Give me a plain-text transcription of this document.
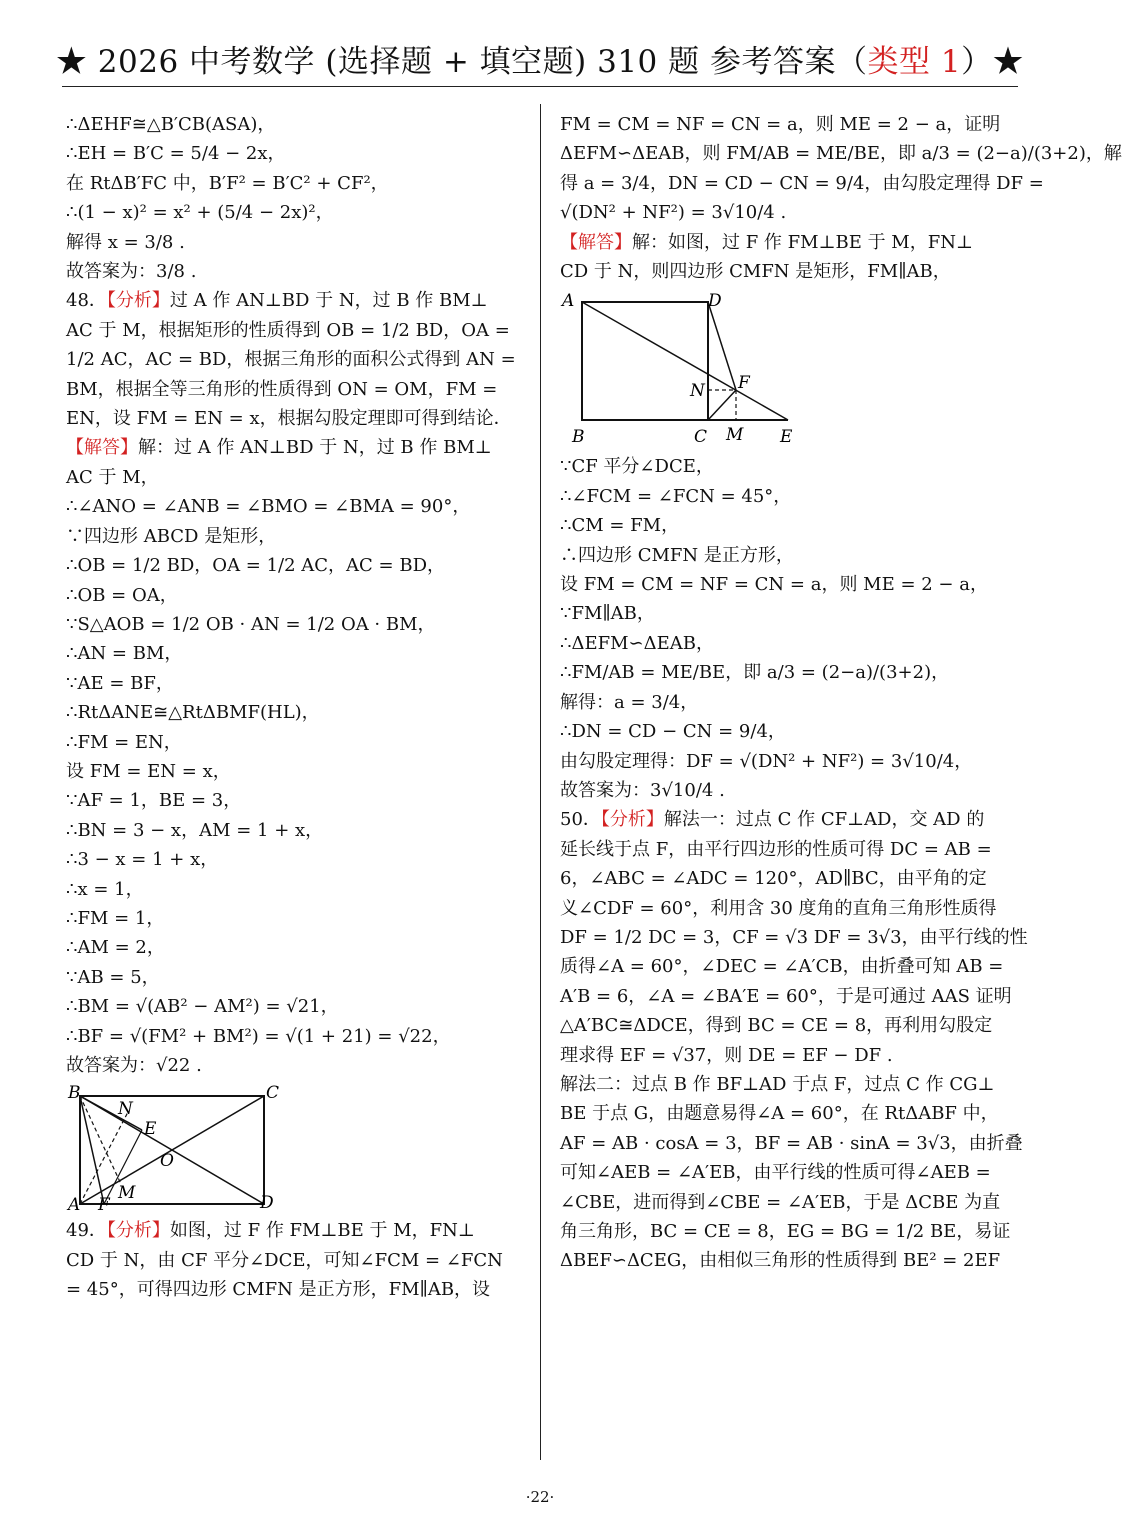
★ 2026 中考数学 (选择题 + 填空题) 310 题 参考答案（类型 1）★
∴ΔEHF≅△B′CB(ASA)，
∴EH = B′C = 5/4 − 2x，
在 RtΔB′FC 中，B′F² = B′C² + CF²，
∴(1 − x)² = x² + (5/4 − 2x)²，
解得 x = 3/8 .
故答案为：3/8 .
48．【分析】过 A 作 AN⊥BD 于 N，过 B 作 BM⊥
AC 于 M，根据矩形的性质得到 OB = 1/2 BD，OA =
1/2 AC，AC = BD，根据三角形的面积公式得到 AN =
BM，根据全等三角形的性质得到 ON = OM，FM =
EN，设 FM = EN = x，根据勾股定理即可得到结论．
【解答】解：过 A 作 AN⊥BD 于 N，过 B 作 BM⊥
AC 于 M，
∴∠ANO = ∠ANB = ∠BMO = ∠BMA = 90°，
∵四边形 ABCD 是矩形，
∴OB = 1/2 BD，OA = 1/2 AC，AC = BD，
∴OB = OA，
∵S△AOB = 1/2 OB · AN = 1/2 OA · BM，
∴AN = BM，
∵AE = BF，
∴RtΔANE≅△RtΔBMF(HL)，
∴FM = EN，
设 FM = EN = x，
∵AF = 1，BE = 3，
∴BN = 3 − x，AM = 1 + x，
∴3 − x = 1 + x，
∴x = 1，
∴FM = 1，
∴AM = 2，
∵AB = 5，
∴BM = √(AB² − AM²) = √21，
∴BF = √(FM² + BM²) = √(1 + 21) = √22，
故答案为：√22 .
B	C
N
E
O
M
A F	D
49．【分析】如图，过 F 作 FM⊥BE 于 M，FN⊥
CD 于 N，由 CF 平分∠DCE，可知∠FCM = ∠FCN
= 45°，可得四边形 CMFN 是正方形，FM∥AB，设
FM = CM = NF = CN = a，则 ME = 2 − a，证明
ΔEFM∽ΔEAB，则 FM/AB = ME/BE，即 a/3 = (2−a)/(3+2)，解
得 a = 3/4，DN = CD − CN = 9/4，由勾股定理得 DF =
√(DN² + NF²) = 3√10/4 .
【解答】解：如图，过 F 作 FM⊥BE 于 M，FN⊥
CD 于 N，则四边形 CMFN 是矩形，FM∥AB，
A	D
N F
B	C M E
∵CF 平分∠DCE，
∴∠FCM = ∠FCN = 45°，
∴CM = FM，
∴四边形 CMFN 是正方形，
设 FM = CM = NF = CN = a，则 ME = 2 − a，
∵FM∥AB，
∴ΔEFM∽ΔEAB，
∴FM/AB = ME/BE，即 a/3 = (2−a)/(3+2)，
解得：a = 3/4，
∴DN = CD − CN = 9/4，
由勾股定理得：DF = √(DN² + NF²) = 3√10/4，
故答案为：3√10/4 .
50．【分析】解法一：过点 C 作 CF⊥AD，交 AD 的
延长线于点 F，由平行四边形的性质可得 DC = AB =
6，∠ABC = ∠ADC = 120°，AD∥BC，由平角的定
义∠CDF = 60°，利用含 30 度角的直角三角形性质得
DF = 1/2 DC = 3，CF = √3 DF = 3√3，由平行线的性
质得∠A = 60°，∠DEC = ∠A′CB，由折叠可知 AB =
A′B = 6，∠A = ∠BA′E = 60°，于是可通过 AAS 证明
△A′BC≅ΔDCE，得到 BC = CE = 8，再利用勾股定
理求得 EF = √37，则 DE = EF − DF .
解法二：过点 B 作 BF⊥AD 于点 F，过点 C 作 CG⊥
BE 于点 G，由题意易得∠A = 60°，在 RtΔABF 中，
AF = AB · cosA = 3，BF = AB · sinA = 3√3，由折叠
可知∠AEB = ∠A′EB，由平行线的性质可得∠AEB =
∠CBE，进而得到∠CBE = ∠A′EB，于是 ΔCBE 为直
角三角形，BC = CE = 8，EG = BG = 1/2 BE，易证
ΔBEF∽ΔCEG，由相似三角形的性质得到 BE² = 2EF
·22·
